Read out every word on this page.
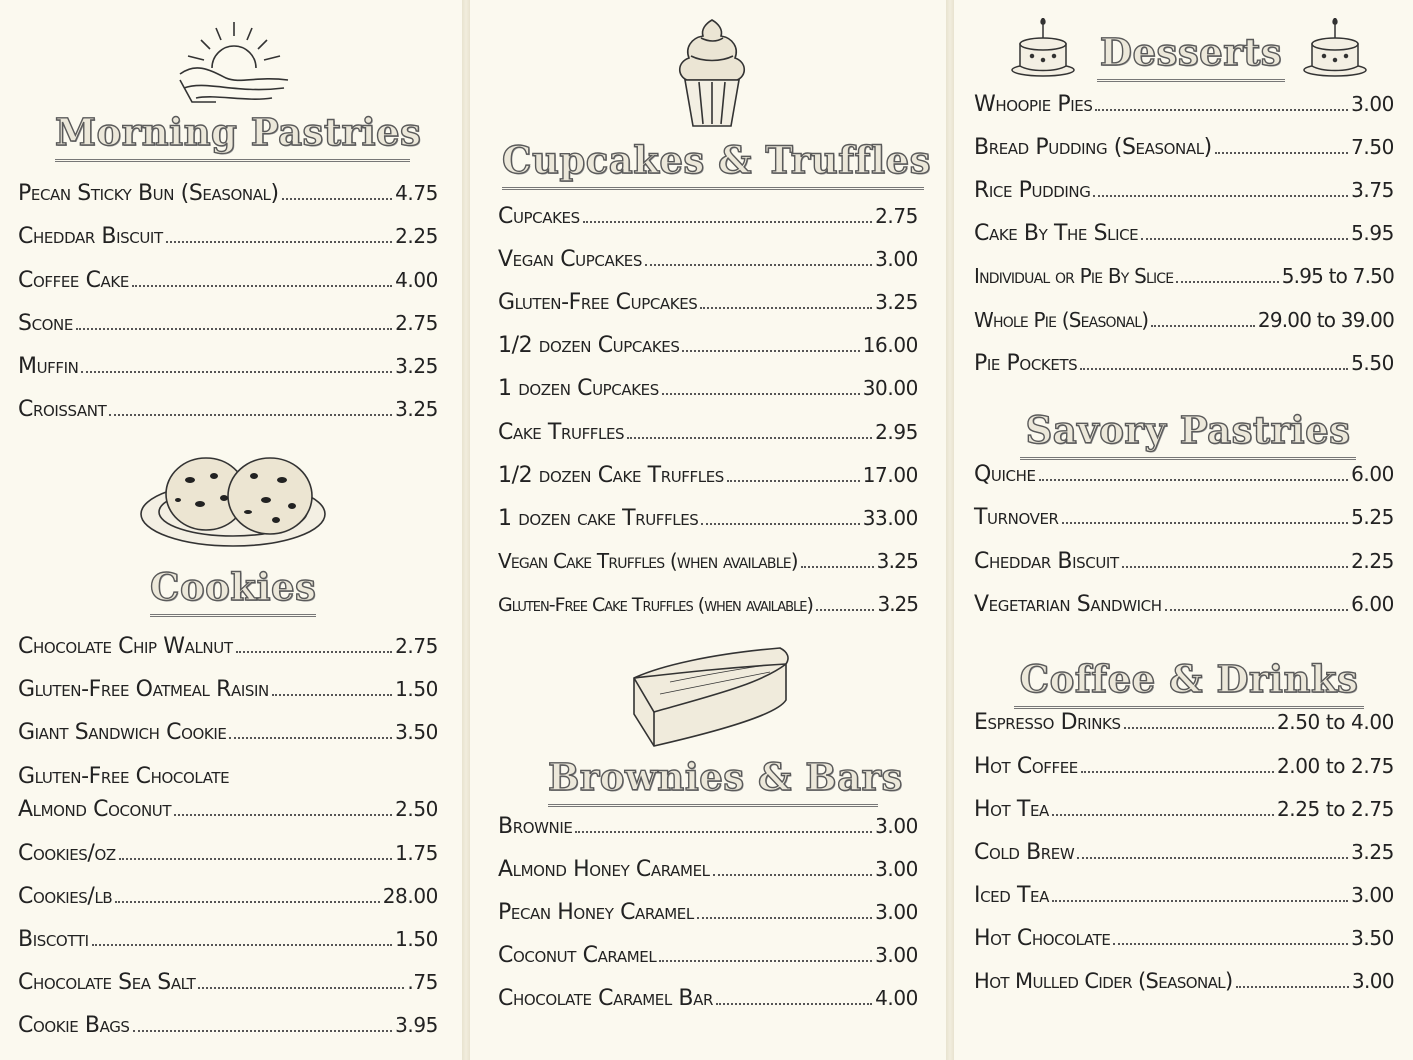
Morning Pastries
Pecan Sticky Bun (Seasonal)	4.75
Cheddar Biscuit	2.25
Coffee Cake	4.00
Scone	2.75
Muffin	3.25
Croissant	3.25
Cookies
Chocolate Chip Walnut	2.75
Gluten-Free Oatmeal Raisin	1.50
Giant Sandwich Cookie	3.50
Gluten-Free Chocolate
Almond Coconut	2.50
Cookies/oz	1.75
Cookies/lb	28.00
Biscotti	1.50
Chocolate Sea Salt	.75
Cookie Bags	3.95
Cupcakes & Truffles
Cupcakes	2.75
Vegan Cupcakes	3.00
Gluten-Free Cupcakes	3.25
1/2 dozen Cupcakes	16.00
1 dozen Cupcakes	30.00
Cake Truffles	2.95
1/2 dozen Cake Truffles	17.00
1 dozen cake Truffles	33.00
Vegan Cake Truffles (when available)	3.25
Gluten-Free Cake Truffles (when available)	3.25
Brownies & Bars
Brownie	3.00
Almond Honey Caramel	3.00
Pecan Honey Caramel	3.00
Coconut Caramel	3.00
Chocolate Caramel Bar	4.00
Desserts
Whoopie Pies	3.00
Bread Pudding (Seasonal)	7.50
Rice Pudding	3.75
Cake By The Slice	5.95
Individual or Pie By Slice	5.95 to 7.50
Whole Pie (Seasonal)	29.00 to 39.00
Pie Pockets	5.50
Savory Pastries
Quiche	6.00
Turnover	5.25
Cheddar Biscuit	2.25
Vegetarian Sandwich	6.00
Coffee & Drinks
Espresso Drinks	2.50 to 4.00
Hot Coffee	2.00 to 2.75
Hot Tea	2.25 to 2.75
Cold Brew	3.25
Iced Tea	3.00
Hot Chocolate	3.50
Hot Mulled Cider (Seasonal)	3.00
